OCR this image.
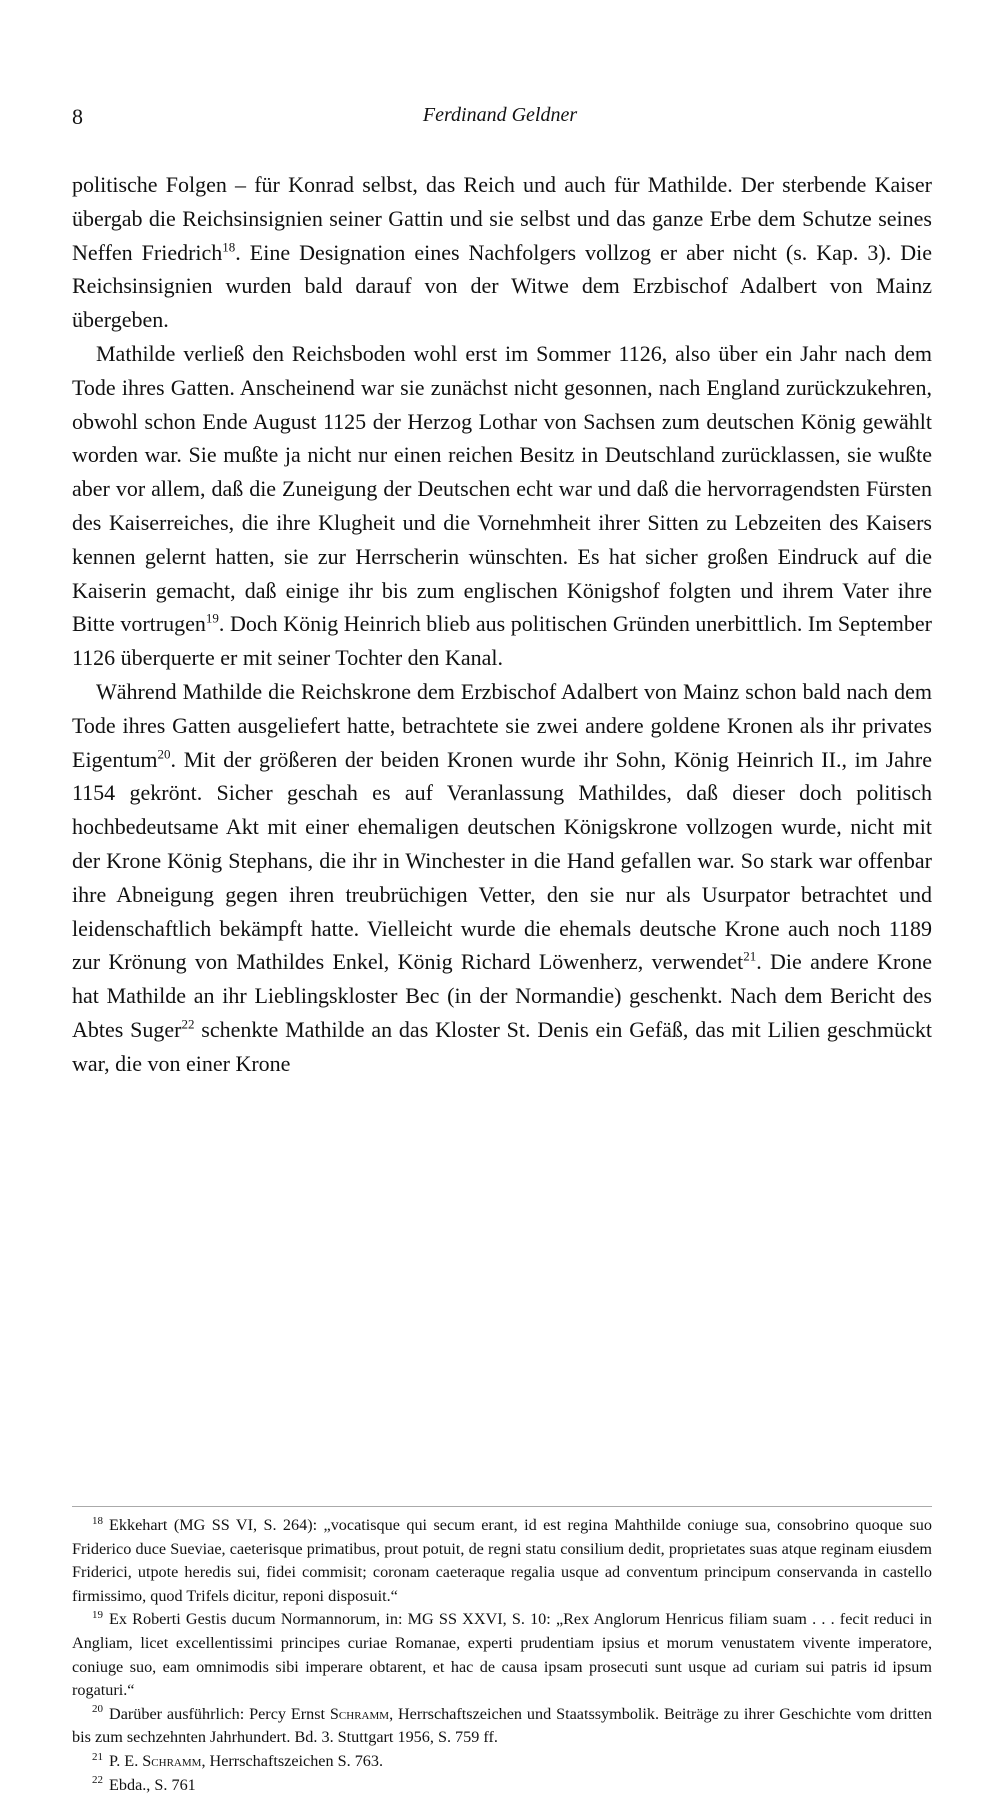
8	Ferdinand Geldner

politische Folgen – für Konrad selbst, das Reich und auch für Mathilde. Der sterbende Kaiser übergab die Reichsinsignien seiner Gattin und sie selbst und das ganze Erbe dem Schutze seines Neffen Friedrich$^{18}$. Eine Designation eines Nachfolgers vollzog er aber nicht (s. Kap. 3). Die Reichsinsignien wurden bald darauf von der Witwe dem Erzbischof Adalbert von Mainz übergeben.

Mathilde verließ den Reichsboden wohl erst im Sommer 1126, also über ein Jahr nach dem Tode ihres Gatten. Anscheinend war sie zunächst nicht gesonnen, nach England zurückzukehren, obwohl schon Ende August 1125 der Herzog Lothar von Sachsen zum deutschen König gewählt worden war. Sie mußte ja nicht nur einen reichen Besitz in Deutschland zurücklassen, sie wußte aber vor allem, daß die Zuneigung der Deutschen echt war und daß die hervorragendsten Fürsten des Kaiserreiches, die ihre Klugheit und die Vornehmheit ihrer Sitten zu Lebzeiten des Kaisers kennen gelernt hatten, sie zur Herrscherin wünschten. Es hat sicher großen Eindruck auf die Kaiserin gemacht, daß einige ihr bis zum englischen Königshof folgten und ihrem Vater ihre Bitte vortrugen$^{19}$. Doch König Heinrich blieb aus politischen Gründen unerbittlich. Im September 1126 überquerte er mit seiner Tochter den Kanal.

Während Mathilde die Reichskrone dem Erzbischof Adalbert von Mainz schon bald nach dem Tode ihres Gatten ausgeliefert hatte, betrachtete sie zwei andere goldene Kronen als ihr privates Eigentum$^{20}$. Mit der größeren der beiden Kronen wurde ihr Sohn, König Heinrich II., im Jahre 1154 gekrönt. Sicher geschah es auf Veranlassung Mathildes, daß dieser doch politisch hochbedeutsame Akt mit einer ehemaligen deutschen Königskrone vollzogen wurde, nicht mit der Krone König Stephans, die ihr in Winchester in die Hand gefallen war. So stark war offenbar ihre Abneigung gegen ihren treubrüchigen Vetter, den sie nur als Usurpator betrachtet und leidenschaftlich bekämpft hatte. Vielleicht wurde die ehemals deutsche Krone auch noch 1189 zur Krönung von Mathildes Enkel, König Richard Löwenherz, verwendet$^{21}$. Die andere Krone hat Mathilde an ihr Lieblingskloster Bec (in der Normandie) geschenkt. Nach dem Bericht des Abtes Suger$^{22}$ schenkte Mathilde an das Kloster St. Denis ein Gefäß, das mit Lilien geschmückt war, die von einer Krone

$^{18}$ Ekkehart (MG SS VI, S. 264): „vocatisque qui secum erant, id est regina Mahthilde coniuge sua, consobrino quoque suo Friderico duce Sueviae, caeterisque primatibus, prout potuit, de regni statu consilium dedit, proprietates suas atque reginam eiusdem Friderici, utpote heredis sui, fidei commisit; coronam caeteraque regalia usque ad conventum principum conservanda in castello firmissimo, quod Trifels dicitur, reponi disposuit.“

$^{19}$ Ex Roberti Gestis ducum Normannorum, in: MG SS XXVI, S. 10: „Rex Anglorum Henricus filiam suam . . . fecit reduci in Angliam, licet excellentissimi principes curiae Romanae, experti prudentiam ipsius et morum venustatem vivente imperatore, coniuge suo, eam omnimodis sibi imperare obtarent, et hac de causa ipsam prosecuti sunt usque ad curiam sui patris id ipsum rogaturi.“

$^{20}$ Darüber ausführlich: Percy Ernst Schramm, Herrschaftszeichen und Staatssymbolik. Beiträge zu ihrer Geschichte vom dritten bis zum sechzehnten Jahrhundert. Bd. 3. Stuttgart 1956, S. 759 ff.

$^{21}$ P. E. Schramm, Herrschaftszeichen S. 763.

$^{22}$ Ebda., S. 761
